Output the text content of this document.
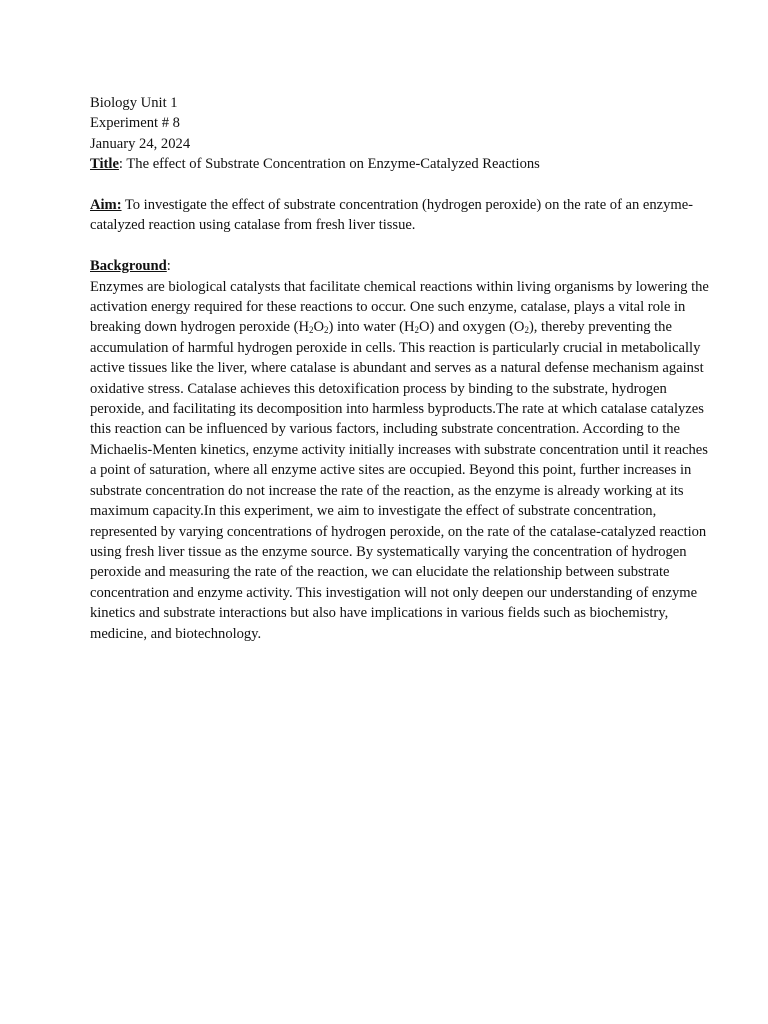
Biology Unit 1
Experiment # 8
January 24, 2024
Title: The effect of Substrate Concentration on Enzyme-Catalyzed Reactions
Aim: To investigate the effect of substrate concentration (hydrogen peroxide) on the rate of an enzyme-catalyzed reaction using catalase from fresh liver tissue.
Background:
Enzymes are biological catalysts that facilitate chemical reactions within living organisms by lowering the activation energy required for these reactions to occur. One such enzyme, catalase, plays a vital role in breaking down hydrogen peroxide $(H_2O_2)$ into water $(H_2O)$ and oxygen $(O_2)$, thereby preventing the accumulation of harmful hydrogen peroxide in cells. This reaction is particularly crucial in metabolically active tissues like the liver, where catalase is abundant and serves as a natural defense mechanism against oxidative stress. Catalase achieves this detoxification process by binding to the substrate, hydrogen peroxide, and facilitating its decomposition into harmless byproducts.The rate at which catalase catalyzes this reaction can be influenced by various factors, including substrate concentration. According to the Michaelis-Menten kinetics, enzyme activity initially increases with substrate concentration until it reaches a point of saturation, where all enzyme active sites are occupied. Beyond this point, further increases in substrate concentration do not increase the rate of the reaction, as the enzyme is already working at its maximum capacity.In this experiment, we aim to investigate the effect of substrate concentration, represented by varying concentrations of hydrogen peroxide, on the rate of the catalase-catalyzed reaction using fresh liver tissue as the enzyme source. By systematically varying the concentration of hydrogen peroxide and measuring the rate of the reaction, we can elucidate the relationship between substrate concentration and enzyme activity. This investigation will not only deepen our understanding of enzyme kinetics and substrate interactions but also have implications in various fields such as biochemistry, medicine, and biotechnology.
